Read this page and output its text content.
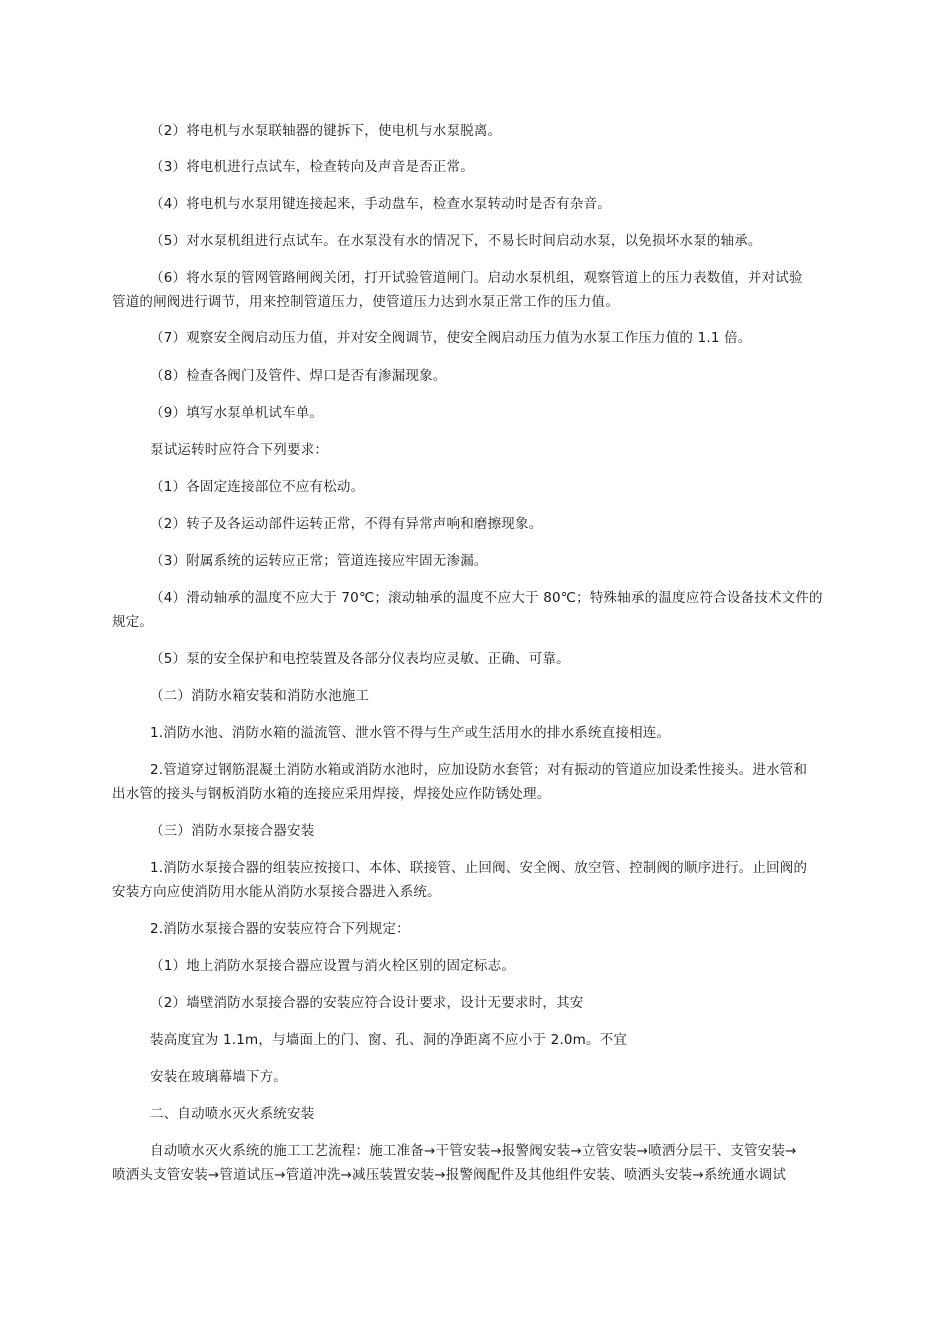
（2）将电机与水泵联轴器的键拆下，使电机与水泵脱离。
（3）将电机进行点试车，检查转向及声音是否正常。
（4）将电机与水泵用键连接起来，手动盘车，检查水泵转动时是否有杂音。
（5）对水泵机组进行点试车。在水泵没有水的情况下，不易长时间启动水泵，以免损坏水泵的轴承。
（6）将水泵的管网管路闸阀关闭，打开试验管道闸门。启动水泵机组，观察管道上的压力表数值，并对试验
管道的闸阀进行调节，用来控制管道压力，使管道压力达到水泵正常工作的压力值。
（7）观察安全阀启动压力值，并对安全阀调节，使安全阀启动压力值为水泵工作压力值的 1.1 倍。
（8）检查各阀门及管件、焊口是否有渗漏现象。
（9）填写水泵单机试车单。
泵试运转时应符合下列要求：
（1）各固定连接部位不应有松动。
（2）转子及各运动部件运转正常，不得有异常声响和磨擦现象。
（3）附属系统的运转应正常；管道连接应牢固无渗漏。
（4）滑动轴承的温度不应大于 70℃；滚动轴承的温度不应大于 80℃；特殊轴承的温度应符合设备技术文件的
规定。
（5）泵的安全保护和电控装置及各部分仪表均应灵敏、正确、可靠。
（二）消防水箱安装和消防水池施工
1.消防水池、消防水箱的溢流管、泄水管不得与生产或生活用水的排水系统直接相连。
2.管道穿过钢筋混凝土消防水箱或消防水池时，应加设防水套管；对有振动的管道应加设柔性接头。进水管和
出水管的接头与钢板消防水箱的连接应采用焊接，焊接处应作防锈处理。
（三）消防水泵接合器安装
1.消防水泵接合器的组装应按接口、本体、联接管、止回阀、安全阀、放空管、控制阀的顺序进行。止回阀的
安装方向应使消防用水能从消防水泵接合器进入系统。
2.消防水泵接合器的安装应符合下列规定：
（1）地上消防水泵接合器应设置与消火栓区别的固定标志。
（2）墙壁消防水泵接合器的安装应符合设计要求，设计无要求时，其安
装高度宜为 1.1m，与墙面上的门、窗、孔、洞的净距离不应小于 2.0m。不宜
安装在玻璃幕墙下方。
二、自动喷水灭火系统安装
自动喷水灭火系统的施工工艺流程：施工准备→干管安装→报警阀安装→立管安装→喷洒分层干、支管安装→
喷洒头支管安装→管道试压→管道冲洗→减压装置安装→报警阀配件及其他组件安装、喷洒头安装→系统通水调试
